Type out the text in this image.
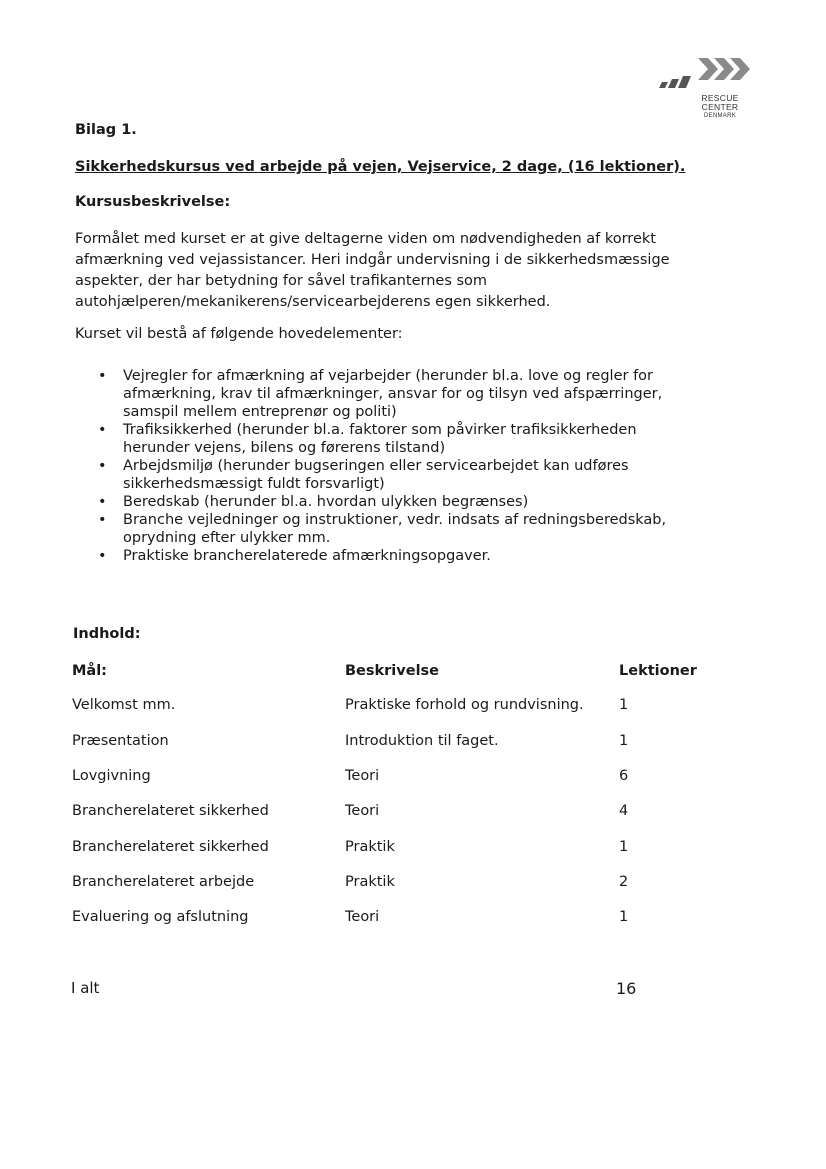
RESCUE
CENTER
DENMARK
Bilag 1.
Sikkerhedskursus ved arbejde på vejen, Vejservice, 2 dage, (16 lektioner).
Kursusbeskrivelse:
Formålet med kurset er at give deltagerne viden om nødvendigheden af korrekt
afmærkning ved vejassistancer. Heri indgår undervisning i de sikkerhedsmæssige
aspekter, der har betydning for såvel trafikanternes som
autohjælperen/mekanikerens/servicearbejderens egen sikkerhed.
Kurset vil bestå af følgende hovedelementer:
• Vejregler for afmærkning af vejarbejder (herunder bl.a. love og regler for
afmærkning, krav til afmærkninger, ansvar for og tilsyn ved afspærringer,
samspil mellem entreprenør og politi)
• Trafiksikkerhed (herunder bl.a. faktorer som påvirker trafiksikkerheden
herunder vejens, bilens og førerens tilstand)
• Arbejdsmiljø (herunder bugseringen eller servicearbejdet kan udføres
sikkerhedsmæssigt fuldt forsvarligt)
• Beredskab (herunder bl.a. hvordan ulykken begrænses)
• Branche vejledninger og instruktioner, vedr. indsats af redningsberedskab,
oprydning efter ulykker mm.
• Praktiske brancherelaterede afmærkningsopgaver.
Indhold:
Mål:	Beskrivelse	Lektioner
Velkomst mm.	Praktiske forhold og rundvisning. 1
Præsentation	Introduktion til faget.	1
Lovgivning	Teori	6
Brancherelateret sikkerhed	Teori	4
Brancherelateret sikkerhed	Praktik	1
Brancherelateret arbejde	Praktik	2
Evaluering og afslutning	Teori	1
I alt	16
